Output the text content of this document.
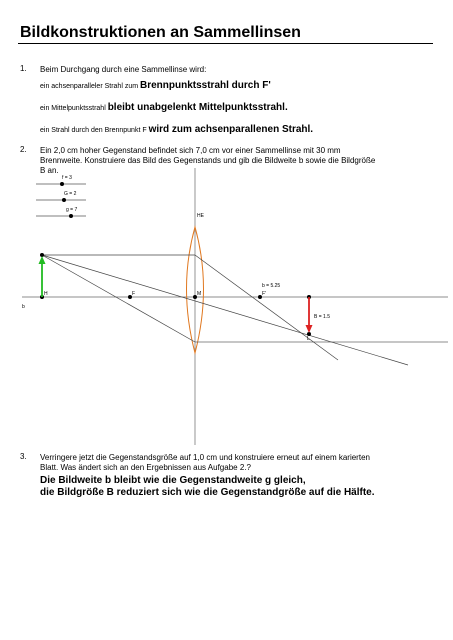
Bildkonstruktionen an Sammellinsen
1. Beim Durchgang durch eine Sammellinse wird:
ein achsenparalleler Strahl zum Brennpunktsstrahl durch F'
ein Mittelpunktsstrahl bleibt unabgelenkt Mittelpunktsstrahl.
ein Strahl durch den Brennpunkt F wird zum achsenparallenen Strahl.
2. Ein 2,0 cm hoher Gegenstand befindet sich 7,0 cm vor einer Sammellinse mit 30 mm
Brennweite. Konstruiere das Bild des Gegenstands und gib die Bildweite b sowie die Bildgröße
B an.
f = 3
G = 2
g = 7
HE
b
H	F	M	F'
b = 5.25
B = 1.5
L
3. Verringere jetzt die Gegenstandsgröße auf 1,0 cm und konstruiere erneut auf einem karierten
Blatt. Was ändert sich an den Ergebnissen aus Aufgabe 2.?
Die Bildweite b bleibt wie die Gegenstandweite g gleich,
die Bildgröße B reduziert sich wie die Gegenstandgröße auf die Hälfte.
